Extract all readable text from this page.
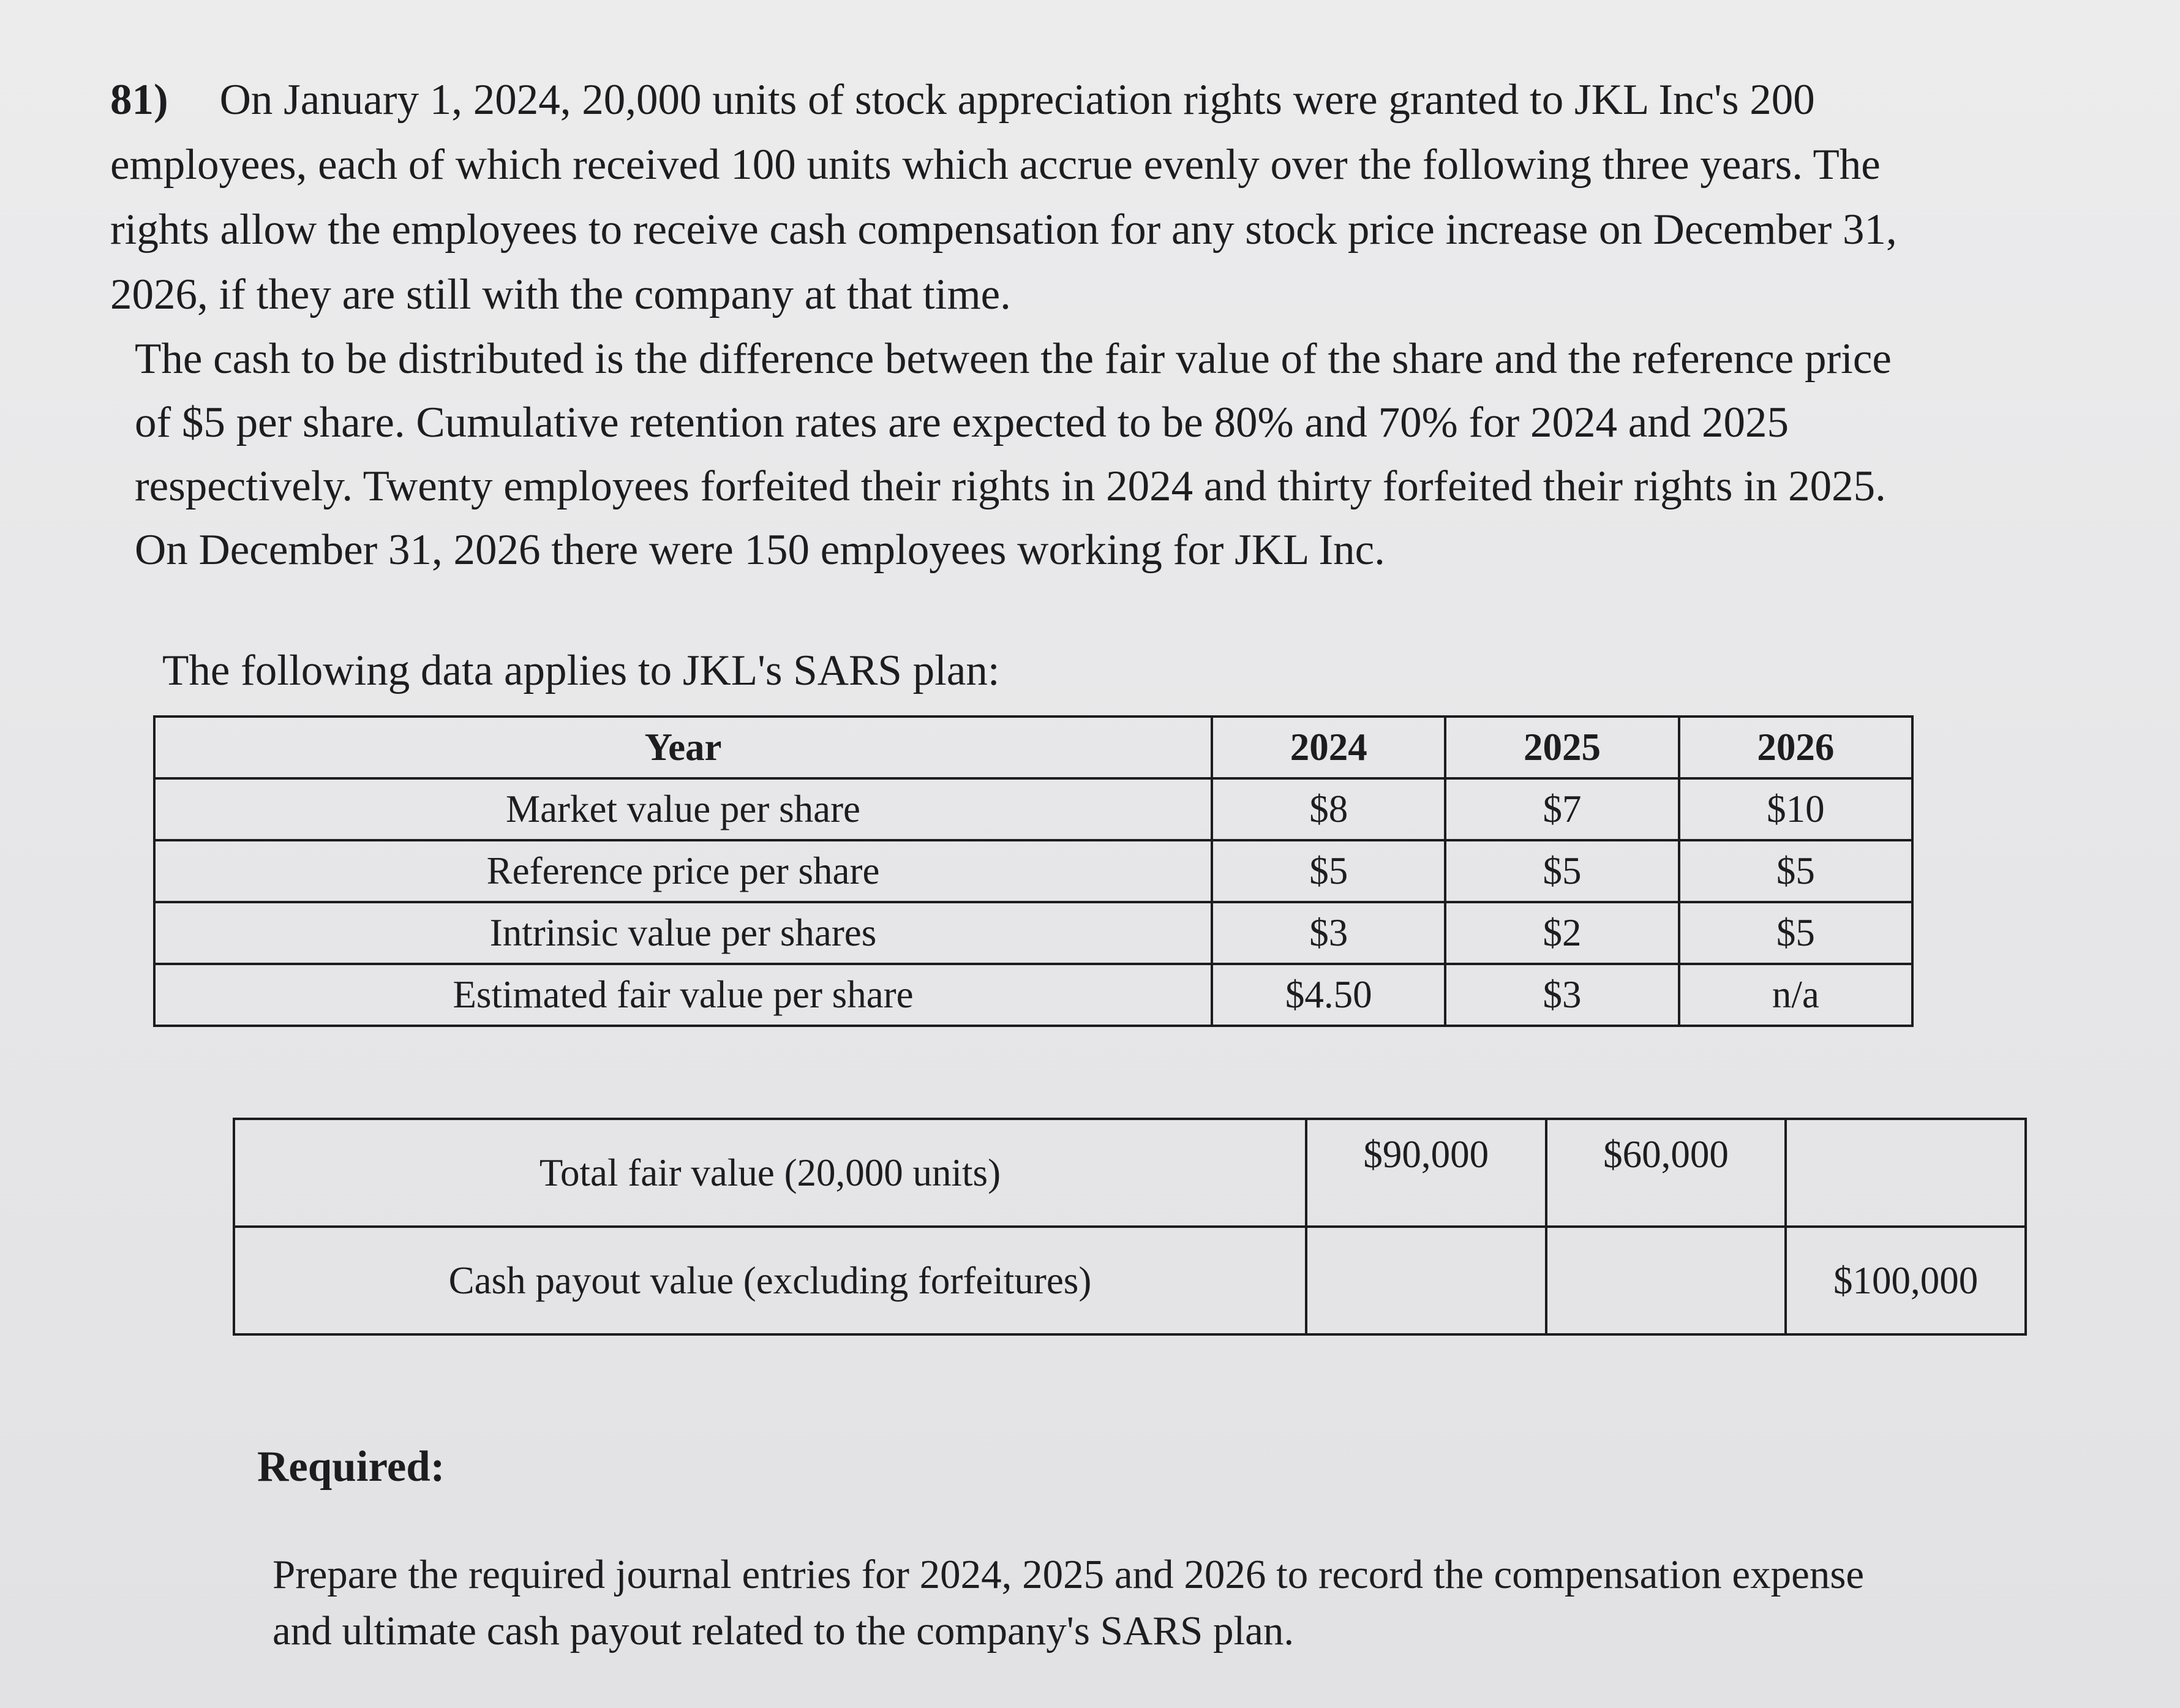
81) On January 1, 2024, 20,000 units of stock appreciation rights were granted to JKL Inc's 200 employees, each of which received 100 units which accrue evenly over the following three years. The rights allow the employees to receive cash compensation for any stock price increase on December 31, 2026, if they are still with the company at that time.

The cash to be distributed is the difference between the fair value of the share and the reference price of $5 per share. Cumulative retention rates are expected to be 80% and 70% for 2024 and 2025 respectively. Twenty employees forfeited their rights in 2024 and thirty forfeited their rights in 2025. On December 31, 2026 there were 150 employees working for JKL Inc.

The following data applies to JKL's SARS plan:

Year	2024	2025	2026
Market value per share	$8	$7	$10
Reference price per share	$5	$5	$5
Intrinsic value per shares	$3	$2	$5
Estimated fair value per share	$4.50	$3	n/a
Total fair value (20,000 units)	$90,000	$60,000	
Cash payout value (excluding forfeitures)			$100,000
Required:
Prepare the required journal entries for 2024, 2025 and 2026 to record the compensation expense and ultimate cash payout related to the company's SARS plan.
